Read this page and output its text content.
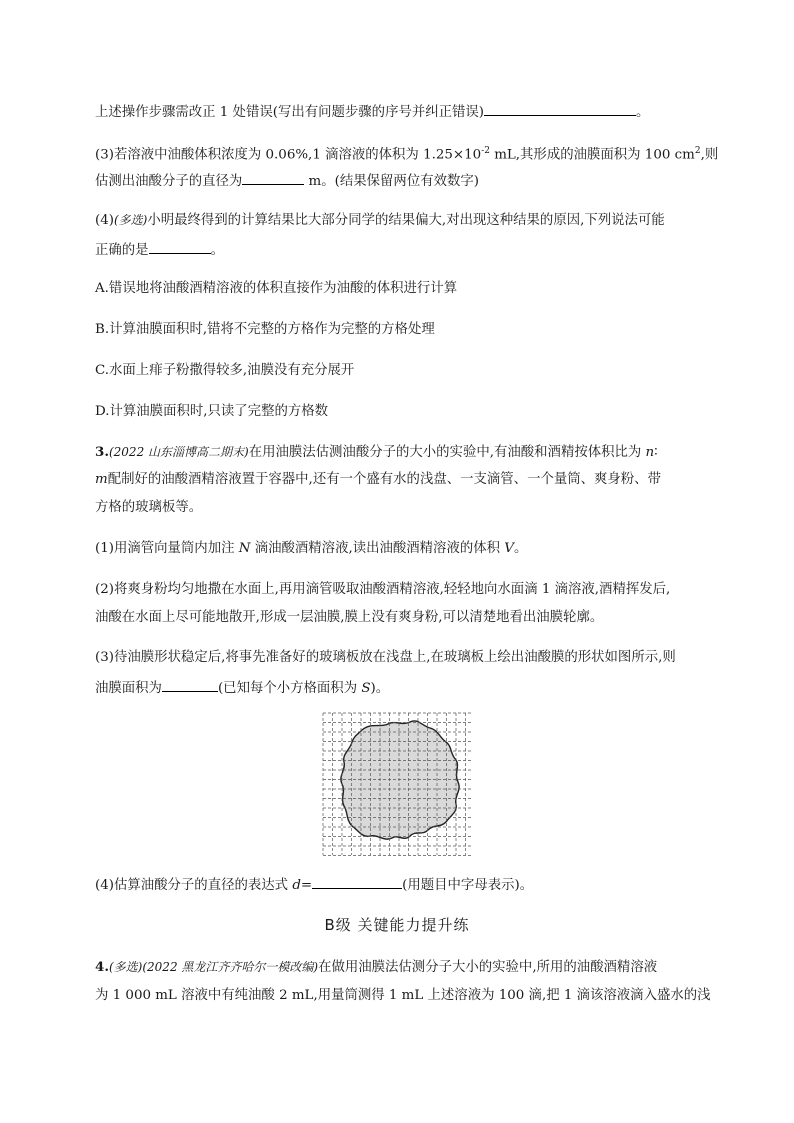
上述操作步骤需改正 1 处错误(写出有问题步骤的序号并纠正错误)	。
(3)若溶液中油酸体积浓度为 0.06%,1 滴溶液的体积为 $1.25\times 10^{-2}$ mL,其形成的油膜面积为 100 $cm^2$,则
估测出油酸分子的直径为	m。(结果保留两位有效数字)
(4)(多选)小明最终得到的计算结果比大部分同学的结果偏大,对出现这种结果的原因,下列说法可能
正确的是	。
A.错误地将油酸酒精溶液的体积直接作为油酸的体积进行计算
B.计算油膜面积时,错将不完整的方格作为完整的方格处理
C.水面上痱子粉撒得较多,油膜没有充分展开
D.计算油膜面积时,只读了完整的方格数
3.(2022 山东淄博高二期末)在用油膜法估测油酸分子的大小的实验中,有油酸和酒精按体积比为 n∶
m配制好的油酸酒精溶液置于容器中,还有一个盛有水的浅盘、一支滴管、一个量筒、爽身粉、带
方格的玻璃板等。
(1)用滴管向量筒内加注 N 滴油酸酒精溶液,读出油酸酒精溶液的体积 V。
(2)将爽身粉均匀地撒在水面上,再用滴管吸取油酸酒精溶液,轻轻地向水面滴 1 滴溶液,酒精挥发后,
油酸在水面上尽可能地散开,形成一层油膜,膜上没有爽身粉,可以清楚地看出油膜轮廓。
(3)待油膜形状稳定后,将事先准备好的玻璃板放在浅盘上,在玻璃板上绘出油酸膜的形状如图所示,则
油膜面积为	(已知每个小方格面积为 S)。
(4)估算油酸分子的直径的表达式 d=	(用题目中字母表示)。
B级 关键能力提升练
4.(多选)(2022 黑龙江齐齐哈尔一模改编)在做用油膜法估测分子大小的实验中,所用的油酸酒精溶液
为 1 000 mL 溶液中有纯油酸 2 mL,用量筒测得 1 mL 上述溶液为 100 滴,把 1 滴该溶液滴入盛水的浅
